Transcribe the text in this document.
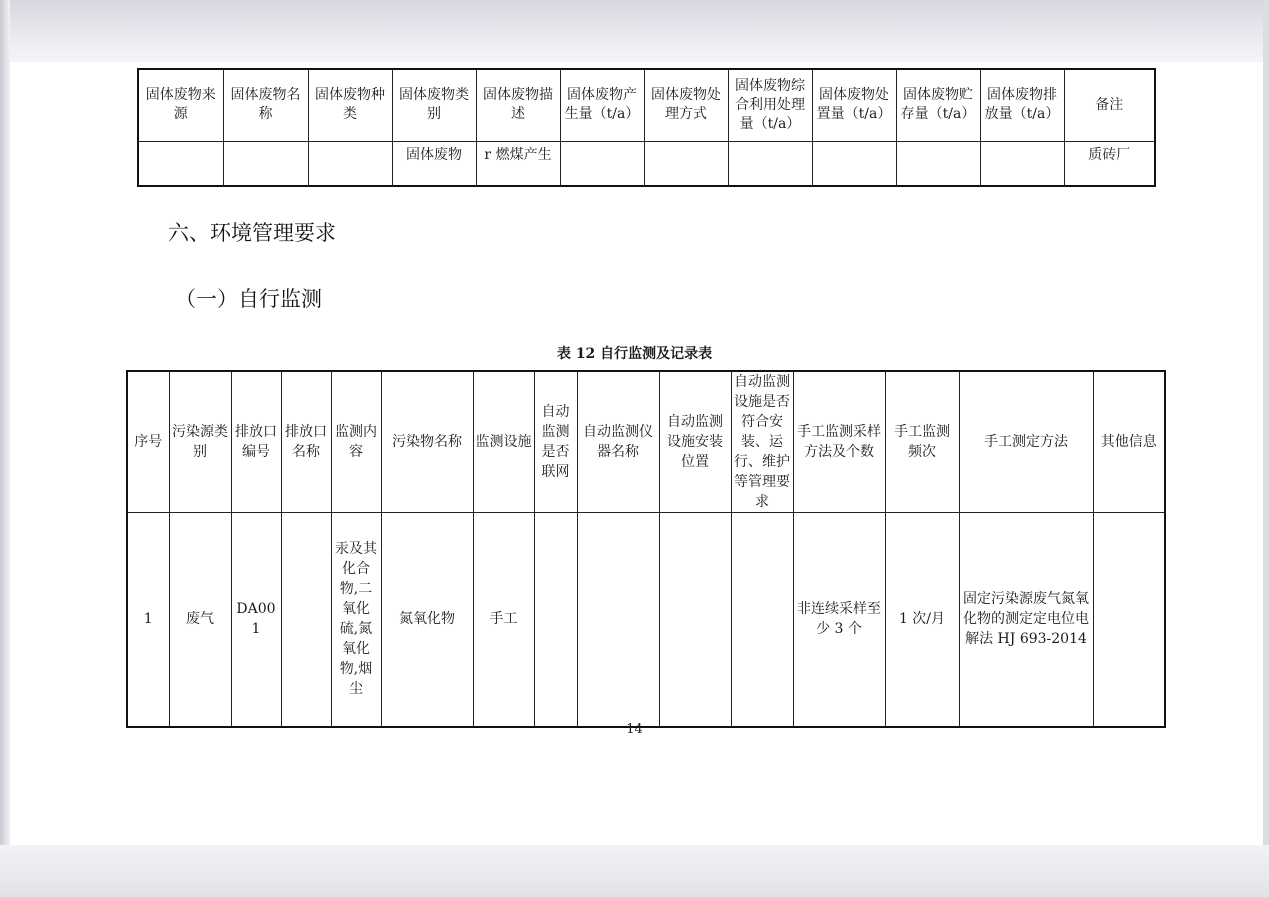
固体废物来源	固体废物名称	固体废物种类	固体废物类别	固体废物描述	固体废物产生量（t/a）	固体废物处理方式	固体废物综合利用处理量（t/a）	固体废物处置量（t/a）	固体废物贮存量（t/a）	固体废物排放量（t/a）	备注
			固体废物	r 燃煤产生							质砖厂
六、环境管理要求
（一）自行监测
表 12 自行监测及记录表
序号	污染源类别	排放口编号	排放口名称	监测内容	污染物名称	监测设施	自动监测是否联网	自动监测仪器名称	自动监测设施安装位置	自动监测设施是否符合安装、运行、维护等管理要求	手工监测采样方法及个数	手工监测频次	手工测定方法	其他信息
1	废气	DA001		汞及其化合物,二氧化硫,氮氧化物,烟尘	氮氧化物	手工					非连续采样至少 3 个	1 次/月	固定污染源废气氮氧化物的测定定电位电解法 HJ 693-2014	
14
